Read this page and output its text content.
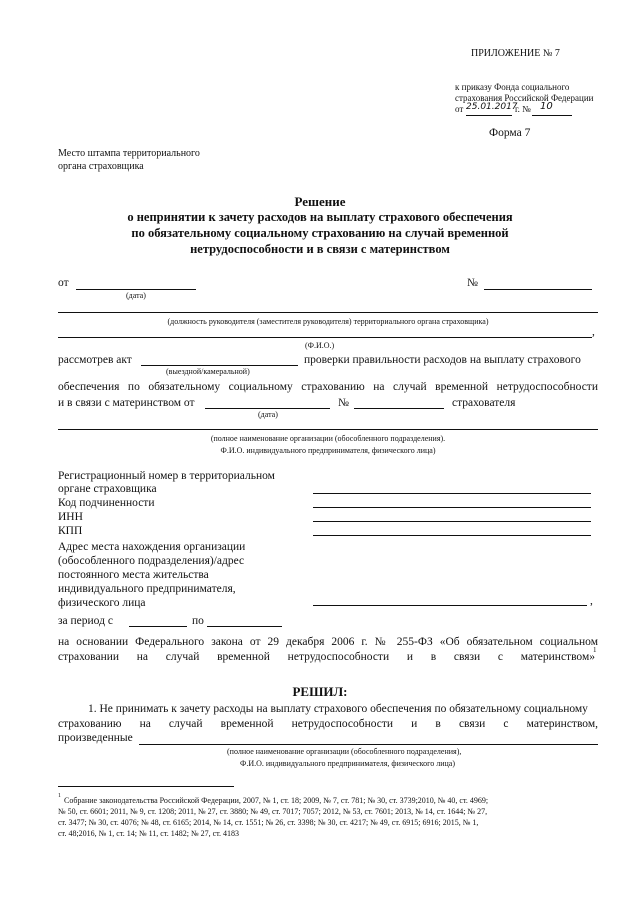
ПРИЛОЖЕНИЕ № 7
к приказу Фонда социального
страхования Российской Федерации
от 25.01.2017
г. № 10
Форма 7
Место штампа территориального
органа страховщика
Решение
о непринятии к зачету расходов на выплату страхового обеспечения
по обязательному социальному страхованию на случай временной
нетрудоспособности и в связи с материнством
от
(дата)
№
(должность руководителя (заместителя руководителя) территориального органа страховщика)
,
(Ф.И.О.)
рассмотрев акт
(выездной/камеральной)
проверки правильности расходов на выплату страхового
обеспечения по обязательному социальному страхованию на случай временной нетрудоспособности
и в связи с материнством от
(дата)
№	страхователя
(полное наименование организации (обособленного подразделения).
Ф.И.О. индивидуального предпринимателя, физического лица)
Регистрационный номер в территориальном
органе страховщика
Код подчиненности
ИНН
КПП
Адрес места нахождения организации
(обособленного подразделения)/адрес
постоянного места жительства
индивидуального предпринимателя,
физического лица	,
за период с	по
на основании Федерального закона от 29 декабря 2006 г. № 255-ФЗ «Об обязательном социальном
страховании на случай временной нетрудоспособности и в связи с материнством»
1
РЕШИЛ:
1. Не принимать к зачету расходы на выплату страхового обеспечения по обязательному социальному
страхованию на случай временной нетрудоспособности и в связи с материнством,
произведенные
(полное наименование организации (обособленного подразделения),
Ф.И.О. индивидуального предпринимателя, физического лица)
1 Собрание законодательства Российской Федерации, 2007, № 1, ст. 18; 2009, № 7, ст. 781; № 30, ст. 3739;2010, № 40, ст. 4969;
№ 50, ст. 6601; 2011, № 9, ст. 1208; 2011, № 27, ст. 3880; № 49, ст. 7017; 7057; 2012, № 53, ст. 7601; 2013, № 14, ст. 1644; № 27,
ст. 3477; № 30, ст. 4076; № 48, ст. 6165; 2014, № 14, ст. 1551; № 26, ст. 3398; № 30, ст. 4217; № 49, ст. 6915; 6916; 2015, № 1,
ст. 48;2016, № 1, ст. 14; № 11, ст. 1482; № 27, ст. 4183
